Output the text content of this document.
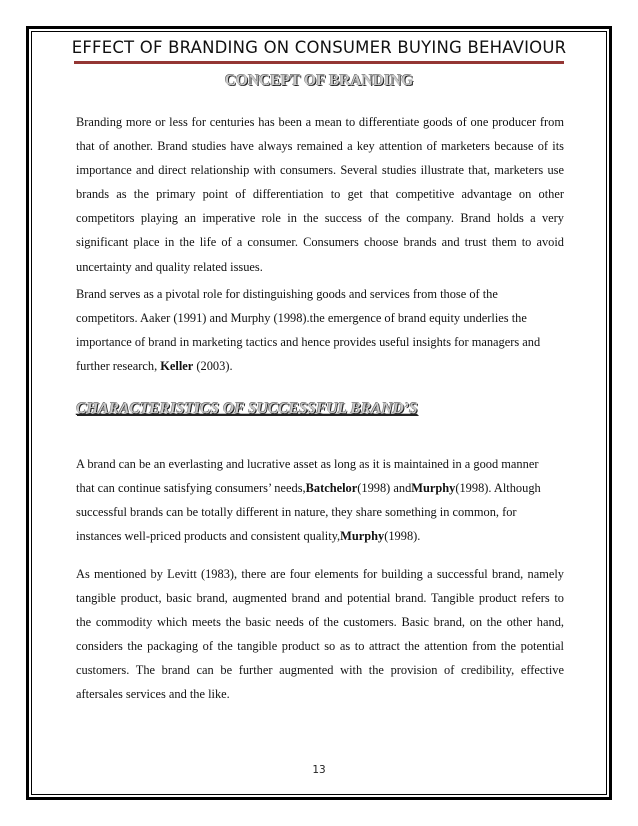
EFFECT OF BRANDING ON CONSUMER BUYING BEHAVIOUR
CONCEPT OF BRANDING
Branding more or less for centuries has been a mean to differentiate goods of one producer from
that of another. Brand studies have always remained a key attention of marketers because of its
importance and direct relationship with consumers. Several studies illustrate that, marketers use
brands as the primary point of differentiation to get that competitive advantage on other
competitors playing an imperative role in the success of the company. Brand holds a very
significant place in the life of a consumer. Consumers choose brands and trust them to avoid
uncertainty and quality related issues.
Brand serves as a pivotal role for distinguishing goods and services from those of the
competitors. Aaker (1991) and Murphy (1998).the emergence of brand equity underlies the
importance of brand in marketing tactics and hence provides useful insights for managers and
further research, Keller (2003).
CHARACTERISTICS OF SUCCESSFUL BRAND’S
A brand can be an everlasting and lucrative asset as long as it is maintained in a good manner
that can continue satisfying consumers’ needs,Batchelor(1998) andMurphy(1998). Although
successful brands can be totally different in nature, they share something in common, for
instances well-priced products and consistent quality,Murphy(1998).
As mentioned by Levitt (1983), there are four elements for building a successful brand, namely
tangible product, basic brand, augmented brand and potential brand. Tangible product refers to
the commodity which meets the basic needs of the customers. Basic brand, on the other hand,
considers the packaging of the tangible product so as to attract the attention from the potential
customers. The brand can be further augmented with the provision of credibility, effective
aftersales services and the like.
13
